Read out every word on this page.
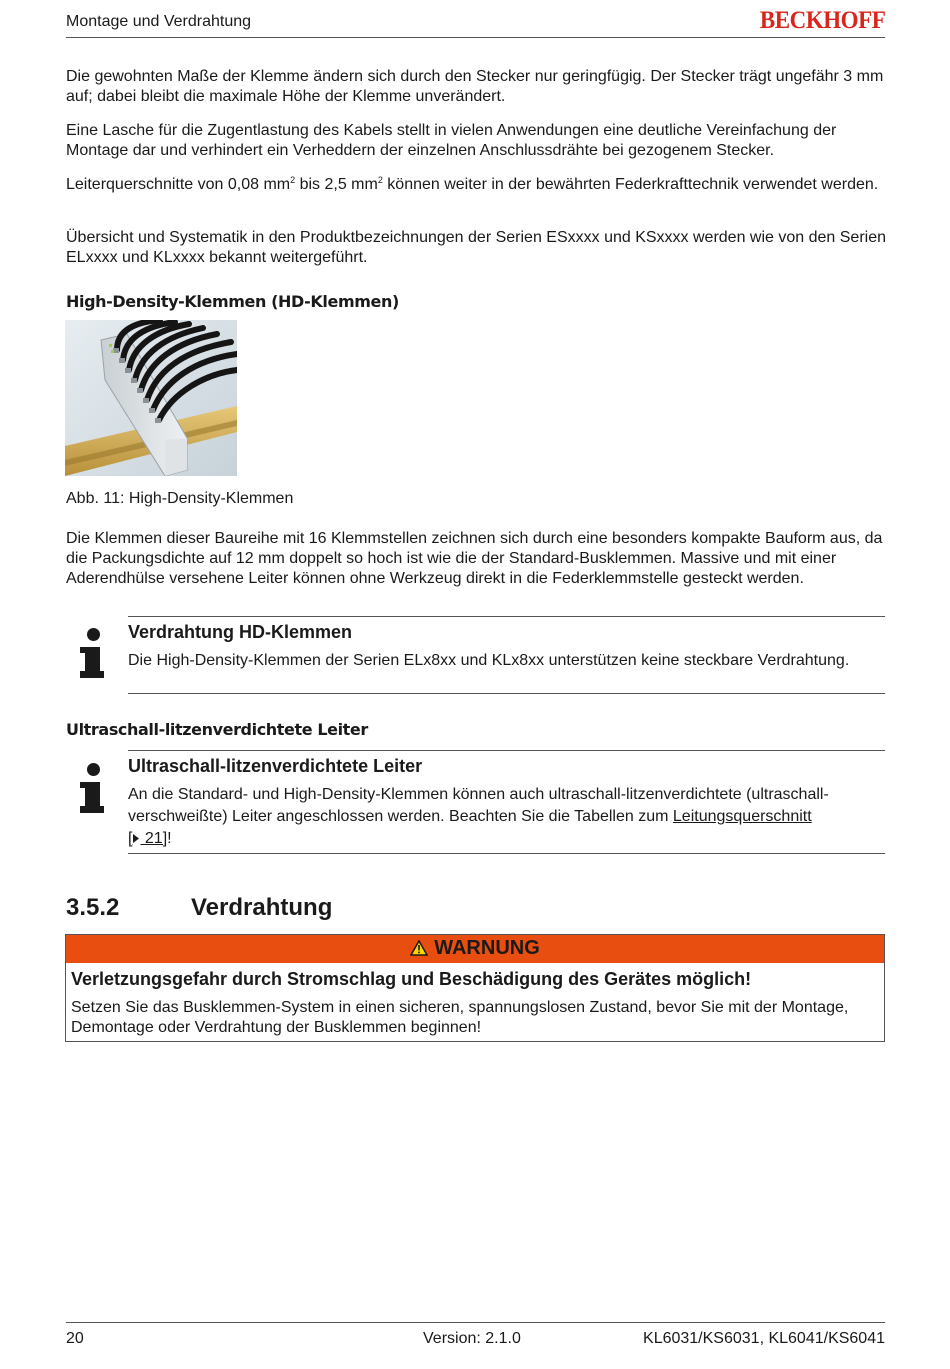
Montage und Verdrahtung	BECKHOFF
Die gewohnten Maße der Klemme ändern sich durch den Stecker nur geringfügig. Der Stecker trägt ungefähr 3 mm auf; dabei bleibt die maximale Höhe der Klemme unverändert.
Eine Lasche für die Zugentlastung des Kabels stellt in vielen Anwendungen eine deutliche Vereinfachung der Montage dar und verhindert ein Verheddern der einzelnen Anschlussdrähte bei gezogenem Stecker.
Leiterquerschnitte von 0,08 $mm^2$ bis 2,5 $mm^2$ können weiter in der bewährten Federkrafttechnik verwendet werden.
Übersicht und Systematik in den Produktbezeichnungen der Serien ESxxxx und KSxxxx werden wie von den Serien ELxxxx und KLxxxx bekannt weitergeführt.
High-Density-Klemmen (HD-Klemmen)
Abb. 11: High-Density-Klemmen
Die Klemmen dieser Baureihe mit 16 Klemmstellen zeichnen sich durch eine besonders kompakte Bauform aus, da die Packungsdichte auf 12 mm doppelt so hoch ist wie die der Standard-Busklemmen. Massive und mit einer Aderendhülse versehene Leiter können ohne Werkzeug direkt in die Federklemmstelle gesteckt werden.
Verdrahtung HD-Klemmen
Die High-Density-Klemmen der Serien ELx8xx und KLx8xx unterstützen keine steckbare Verdrahtung.
Ultraschall-litzenverdichtete Leiter
Ultraschall-litzenverdichtete Leiter
An die Standard- und High-Density-Klemmen können auch ultraschall-litzenverdichtete (ultraschallverschweißte) Leiter angeschlossen werden. Beachten Sie die Tabellen zum Leitungsquerschnitt
[ 21]!
3.5.2	Verdrahtung
WARNUNG
Verletzungsgefahr durch Stromschlag und Beschädigung des Gerätes möglich!
Setzen Sie das Busklemmen-System in einen sicheren, spannungslosen Zustand, bevor Sie mit der Montage, Demontage oder Verdrahtung der Busklemmen beginnen!
20	Version: 2.1.0	KL6031/KS6031, KL6041/KS6041
